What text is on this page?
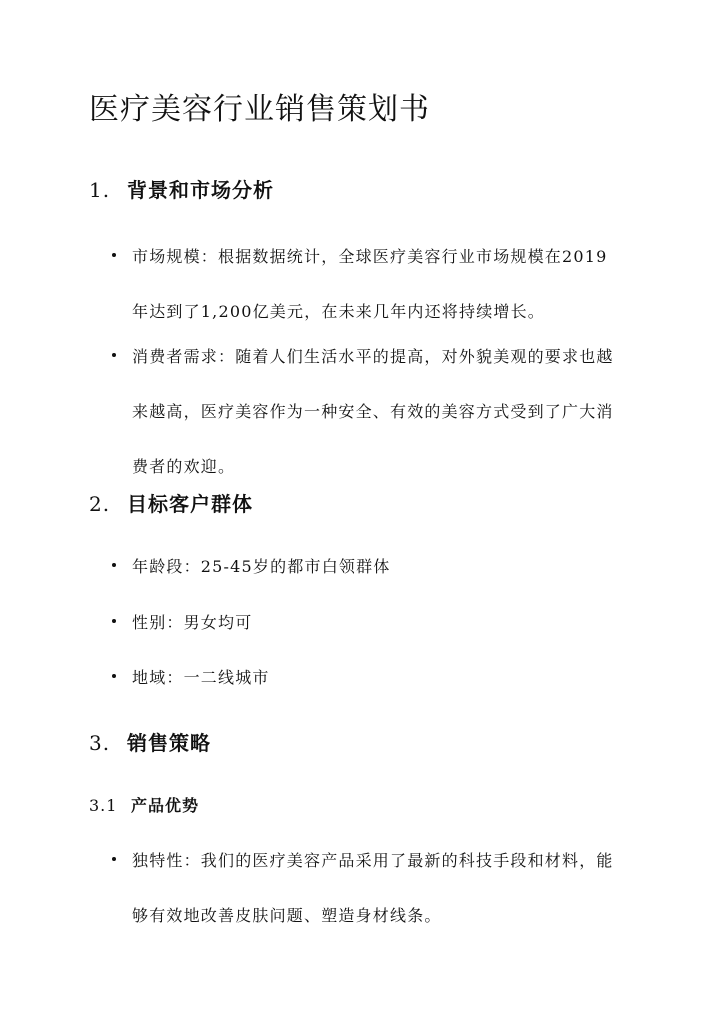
医疗美容行业销售策划书
1. 背景和市场分析
市场规模：根据数据统计，全球医疗美容行业市场规模在2019年达到了1,200亿美元，在未来几年内还将持续增长。
消费者需求：随着人们生活水平的提高，对外貌美观的要求也越来越高，医疗美容作为一种安全、有效的美容方式受到了广大消费者的欢迎。
2. 目标客户群体
年龄段：25-45岁的都市白领群体
性别：男女均可
地域：一二线城市
3. 销售策略
3.1 产品优势
独特性：我们的医疗美容产品采用了最新的科技手段和材料，能够有效地改善皮肤问题、塑造身材线条。
